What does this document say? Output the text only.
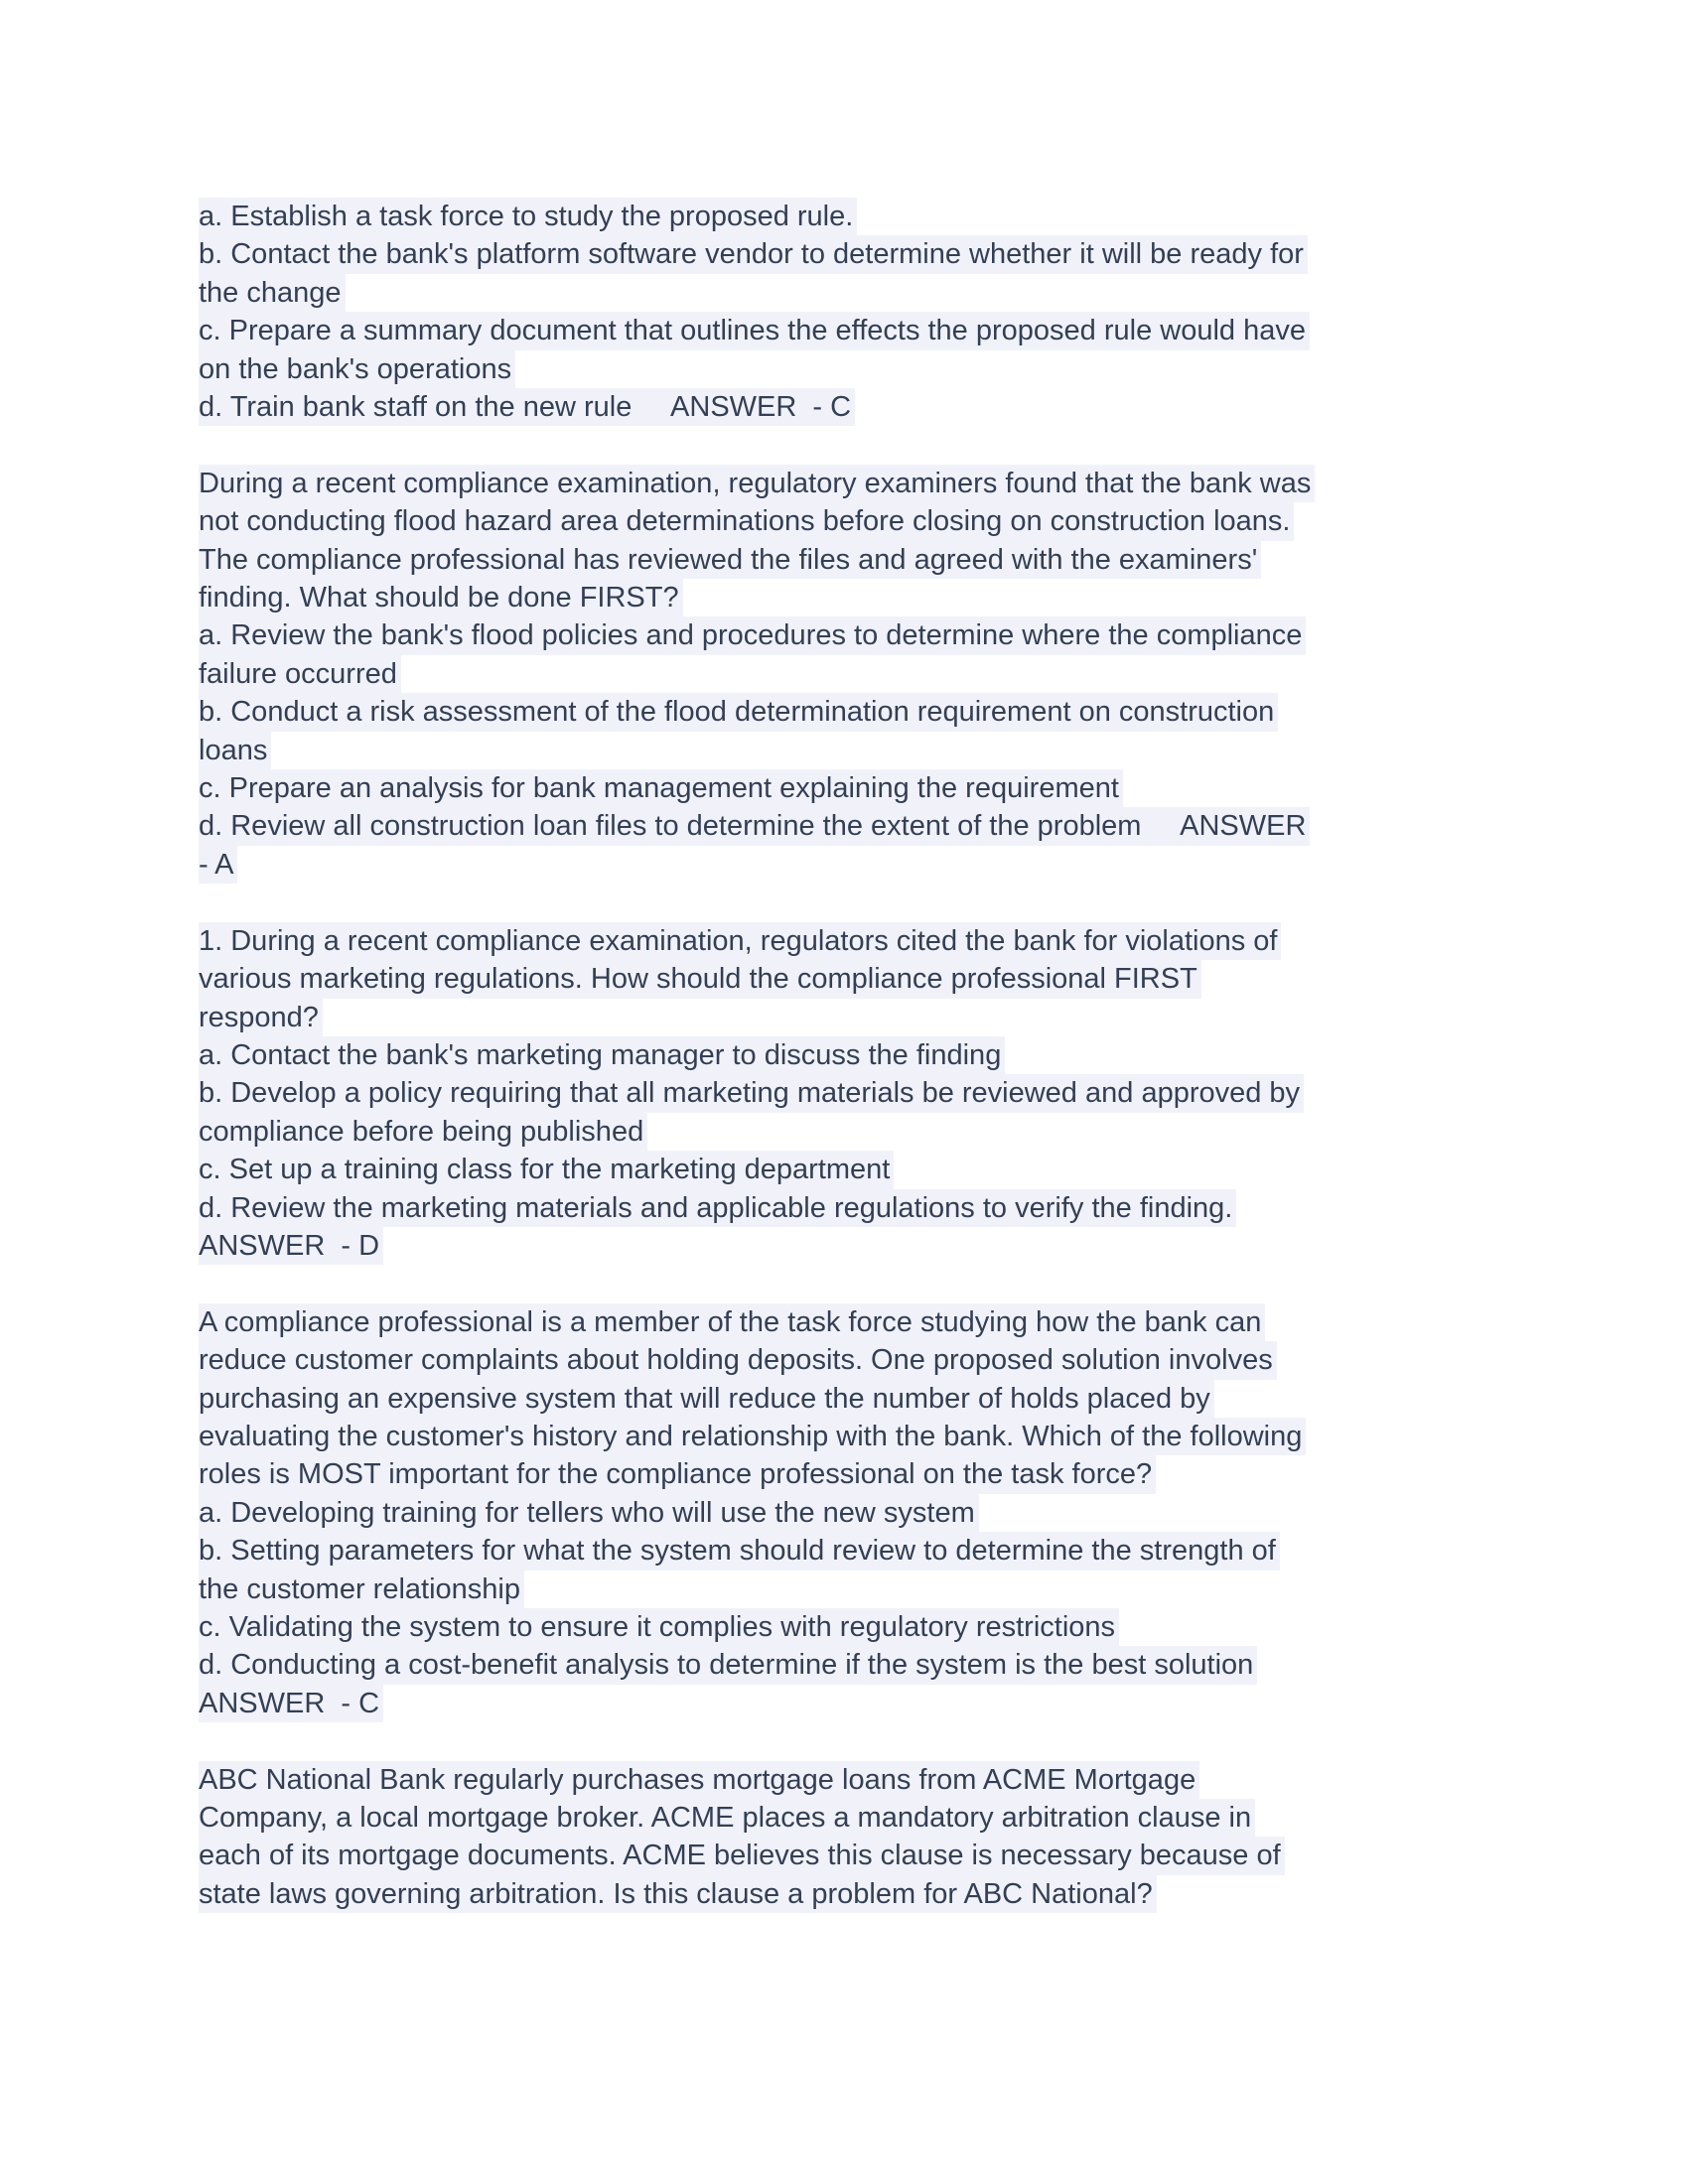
a. Establish a task force to study the proposed rule.
b. Contact the bank's platform software vendor to determine whether it will be ready for
the change
c. Prepare a summary document that outlines the effects the proposed rule would have
on the bank's operations
d. Train bank staff on the new rule     ANSWER  - C
During a recent compliance examination, regulatory examiners found that the bank was
not conducting flood hazard area determinations before closing on construction loans.
The compliance professional has reviewed the files and agreed with the examiners'
finding. What should be done FIRST?
a. Review the bank's flood policies and procedures to determine where the compliance
failure occurred
b. Conduct a risk assessment of the flood determination requirement on construction
loans
c. Prepare an analysis for bank management explaining the requirement
d. Review all construction loan files to determine the extent of the problem     ANSWER
- A
1. During a recent compliance examination, regulators cited the bank for violations of
various marketing regulations. How should the compliance professional FIRST
respond?
a. Contact the bank's marketing manager to discuss the finding
b. Develop a policy requiring that all marketing materials be reviewed and approved by
compliance before being published
c. Set up a training class for the marketing department
d. Review the marketing materials and applicable regulations to verify the finding.
ANSWER  - D
A compliance professional is a member of the task force studying how the bank can
reduce customer complaints about holding deposits. One proposed solution involves
purchasing an expensive system that will reduce the number of holds placed by
evaluating the customer's history and relationship with the bank. Which of the following
roles is MOST important for the compliance professional on the task force?
a. Developing training for tellers who will use the new system
b. Setting parameters for what the system should review to determine the strength of
the customer relationship
c. Validating the system to ensure it complies with regulatory restrictions
d. Conducting a cost-benefit analysis to determine if the system is the best solution
ANSWER  - C
ABC National Bank regularly purchases mortgage loans from ACME Mortgage
Company, a local mortgage broker. ACME places a mandatory arbitration clause in
each of its mortgage documents. ACME believes this clause is necessary because of
state laws governing arbitration. Is this clause a problem for ABC National?
